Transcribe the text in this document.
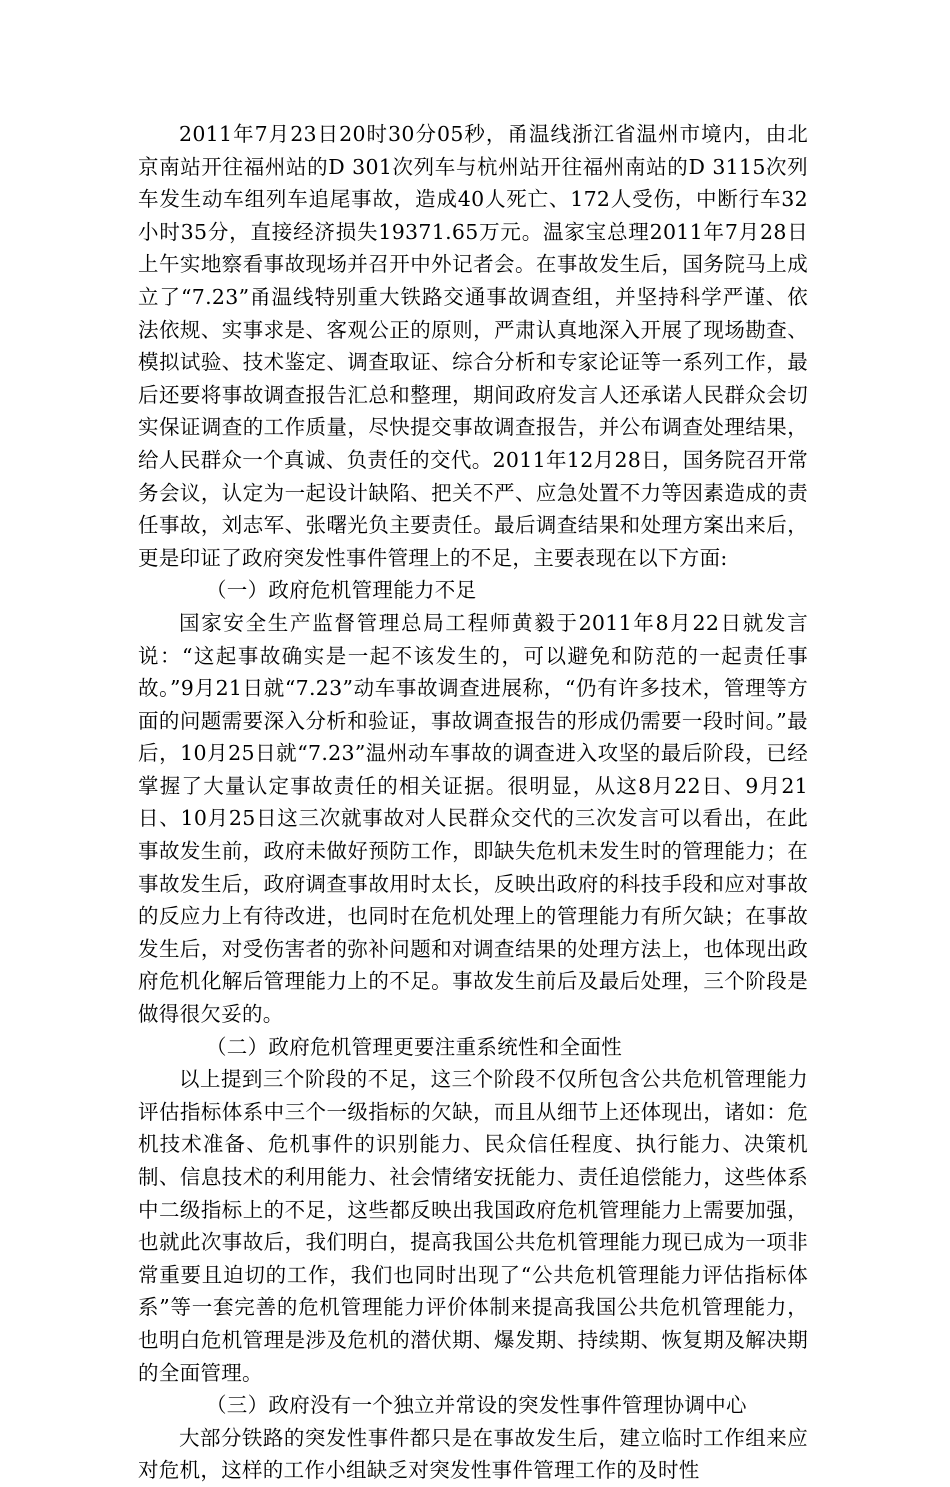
2011年7月23日20时30分05秒，甬温线浙江省温州市境内，由北京南站开往福州站的D 301次列车与杭州站开往福州南站的D 3115次列车发生动车组列车追尾事故，造成40人死亡、172人受伤，中断行车32小时35分，直接经济损失19371.65万元。温家宝总理2011年7月28日上午实地察看事故现场并召开中外记者会。在事故发生后，国务院马上成立了“7.23”甬温线特别重大铁路交通事故调查组，并坚持科学严谨、依法依规、实事求是、客观公正的原则，严肃认真地深入开展了现场勘查、模拟试验、技术鉴定、调查取证、综合分析和专家论证等一系列工作，最后还要将事故调查报告汇总和整理，期间政府发言人还承诺人民群众会切实保证调查的工作质量，尽快提交事故调查报告，并公布调查处理结果，给人民群众一个真诚、负责任的交代。2011年12月28日，国务院召开常务会议，认定为一起设计缺陷、把关不严、应急处置不力等因素造成的责任事故，刘志军、张曙光负主要责任。最后调查结果和处理方案出来后，更是印证了政府突发性事件管理上的不足，主要表现在以下方面:

（一）政府危机管理能力不足

国家安全生产监督管理总局工程师黄毅于2011年8月22日就发言说：“这起事故确实是一起不该发生的，可以避免和防范的一起责任事故。”9月21日就“7.23”动车事故调查进展称，“仍有许多技术，管理等方面的问题需要深入分析和验证，事故调查报告的形成仍需要一段时间。”最后，10月25日就“7.23”温州动车事故的调查进入攻坚的最后阶段，已经掌握了大量认定事故责任的相关证据。很明显，从这8月22日、9月21日、10月25日这三次就事故对人民群众交代的三次发言可以看出，在此事故发生前，政府未做好预防工作，即缺失危机未发生时的管理能力；在事故发生后，政府调查事故用时太长，反映出政府的科技手段和应对事故的反应力上有待改进，也同时在危机处理上的管理能力有所欠缺；在事故发生后，对受伤害者的弥补问题和对调查结果的处理方法上，也体现出政府危机化解后管理能力上的不足。事故发生前后及最后处理，三个阶段是做得很欠妥的。

（二）政府危机管理更要注重系统性和全面性

以上提到三个阶段的不足，这三个阶段不仅所包含公共危机管理能力评估指标体系中三个一级指标的欠缺，而且从细节上还体现出，诸如：危机技术准备、危机事件的识别能力、民众信任程度、执行能力、决策机制、信息技术的利用能力、社会情绪安抚能力、责任追偿能力，这些体系中二级指标上的不足，这些都反映出我国政府危机管理能力上需要加强，也就此次事故后，我们明白，提高我国公共危机管理能力现已成为一项非常重要且迫切的工作，我们也同时出现了“公共危机管理能力评估指标体系”等一套完善的危机管理能力评价体制来提高我国公共危机管理能力，也明白危机管理是涉及危机的潜伏期、爆发期、持续期、恢复期及解决期的全面管理。

（三）政府没有一个独立并常设的突发性事件管理协调中心

大部分铁路的突发性事件都只是在事故发生后，建立临时工作组来应对危机，这样的工作小组缺乏对突发性事件管理工作的及时性
